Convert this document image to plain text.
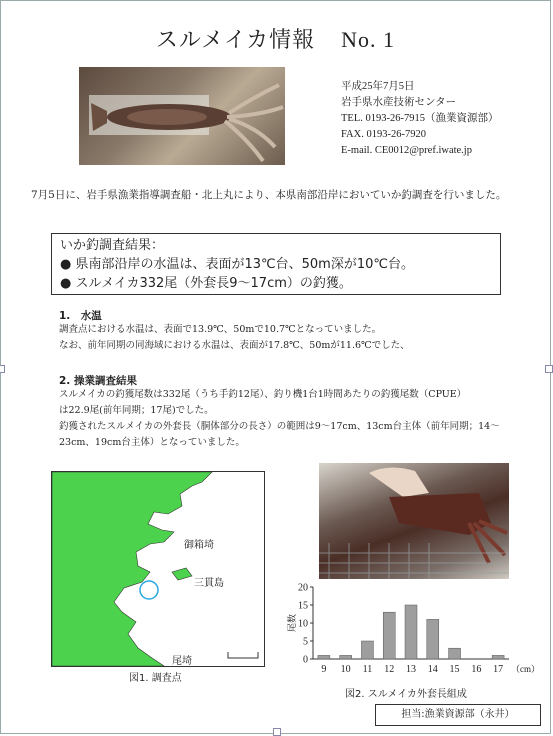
スルメイカ情報 No. 1
平成25年7月5日
岩手県水産技術センター
TEL. 0193-26-7915（漁業資源部）
FAX. 0193-26-7920
E-mail. CE0012@pref.iwate.jp
7月5日に、岩手県漁業指導調査船・北上丸により、本県南部沿岸においていか釣調査を行いました。
いか釣調査結果：
● 県南部沿岸の水温は、表面が13℃台、50m深が10℃台。
● スルメイカ332尾（外套長9～17cm）の釣獲。
1.　水温
調査点における水温は、表面で13.9℃、50mで10.7℃となっていました。
なお、前年同期の同海域における水温は、表面が17.8℃、50mが11.6℃でした、
2. 操業調査結果
スルメイカの釣獲尾数は332尾（うち手釣12尾）、釣り機1台1時間あたりの釣獲尾数（CPUE）
は22.9尾(前年同期；17尾)でした。
釣獲されたスルメイカの外套長（胴体部分の長さ）の範囲は9～17cm、13cm台主体（前年同期；14～
23cm、19cm台主体）となっていました。
御箱埼
三貫島
尾埼
図1. 調査点
0
5
10
15
20
9 10 11 12 13 14 15 16 17
尾数
（cm）
図2. スルメイカ外套長組成
担当:漁業資源部（永井）
